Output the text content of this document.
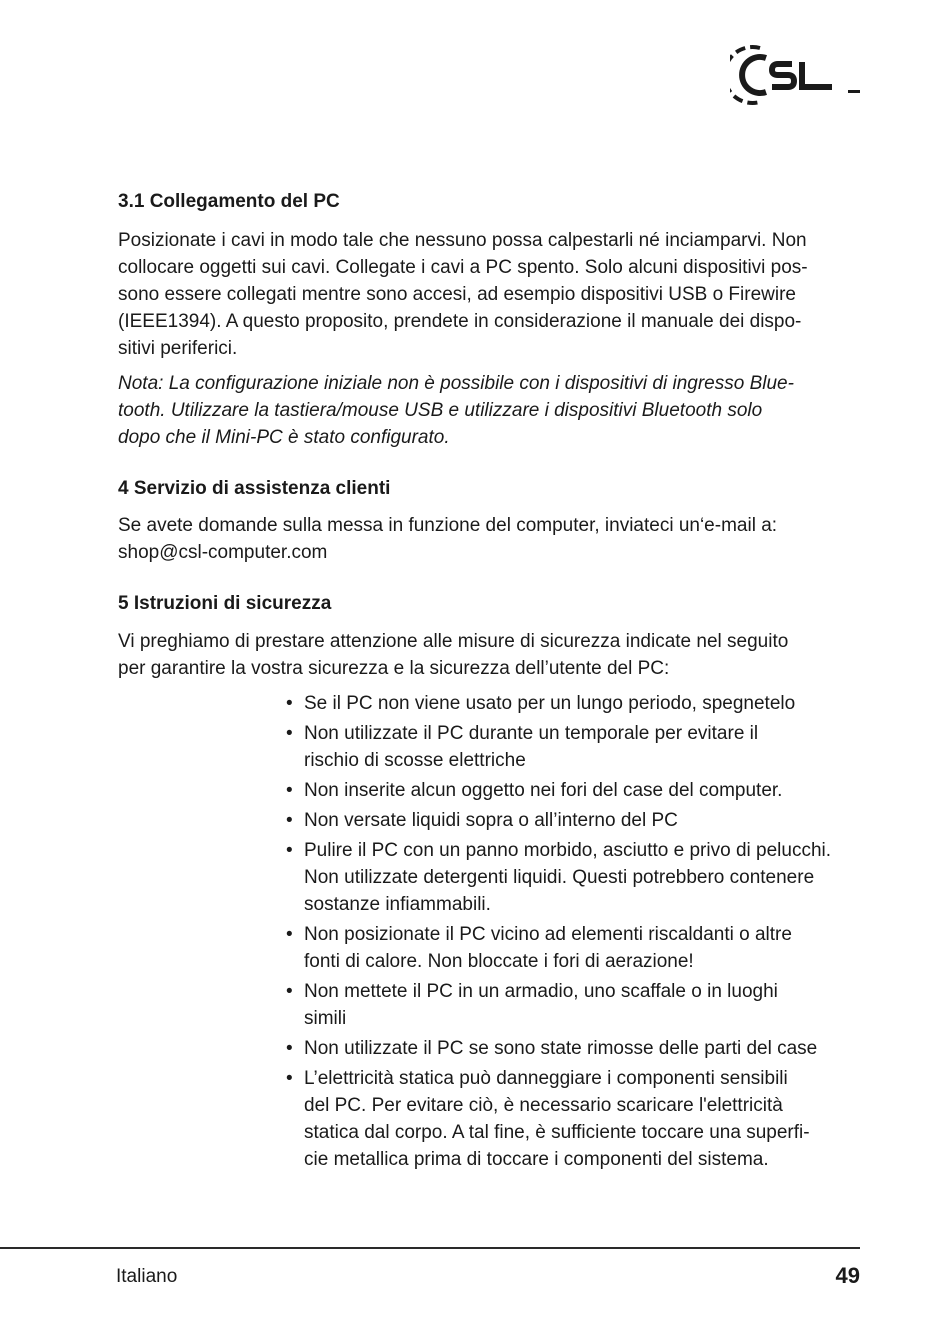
3.1 Collegamento del PC

Posizionate i cavi in modo tale che nessuno possa calpestarli né inciamparvi. Non
collocare oggetti sui cavi. Collegate i cavi a PC spento. Solo alcuni dispositivi pos-
sono essere collegati mentre sono accesi, ad esempio dispositivi USB o Firewire
(IEEE1394). A questo proposito, prendete in considerazione il manuale dei dispo-
sitivi periferici.

Nota: La configurazione iniziale non è possibile con i dispositivi di ingresso Blue-
tooth. Utilizzare la tastiera/mouse USB e utilizzare i dispositivi Bluetooth solo
dopo che il Mini-PC è stato configurato.

4 Servizio di assistenza clienti

Se avete domande sulla messa in funzione del computer, inviateci un‘e-mail a:
shop@csl-computer.com

5 Istruzioni di sicurezza

Vi preghiamo di prestare attenzione alle misure di sicurezza indicate nel seguito
per garantire la vostra sicurezza e la sicurezza dell’utente del PC:

• Se il PC non viene usato per un lungo periodo, spegnetelo
• Non utilizzate il PC durante un temporale per evitare il
rischio di scosse elettriche
• Non inserite alcun oggetto nei fori del case del computer.
• Non versate liquidi sopra o all’interno del PC
• Pulire il PC con un panno morbido, asciutto e privo di pelucchi.
Non utilizzate detergenti liquidi. Questi potrebbero contenere
sostanze infiammabili.
• Non posizionate il PC vicino ad elementi riscaldanti o altre
fonti di calore. Non bloccate i fori di aerazione!
• Non mettete il PC in un armadio, uno scaffale o in luoghi
simili
• Non utilizzate il PC se sono state rimosse delle parti del case
• L’elettricità statica può danneggiare i componenti sensibili
del PC. Per evitare ciò, è necessario scaricare l'elettricità
statica dal corpo. A tal fine, è sufficiente toccare una superfi-
cie metallica prima di toccare i componenti del sistema.
Italiano	49
